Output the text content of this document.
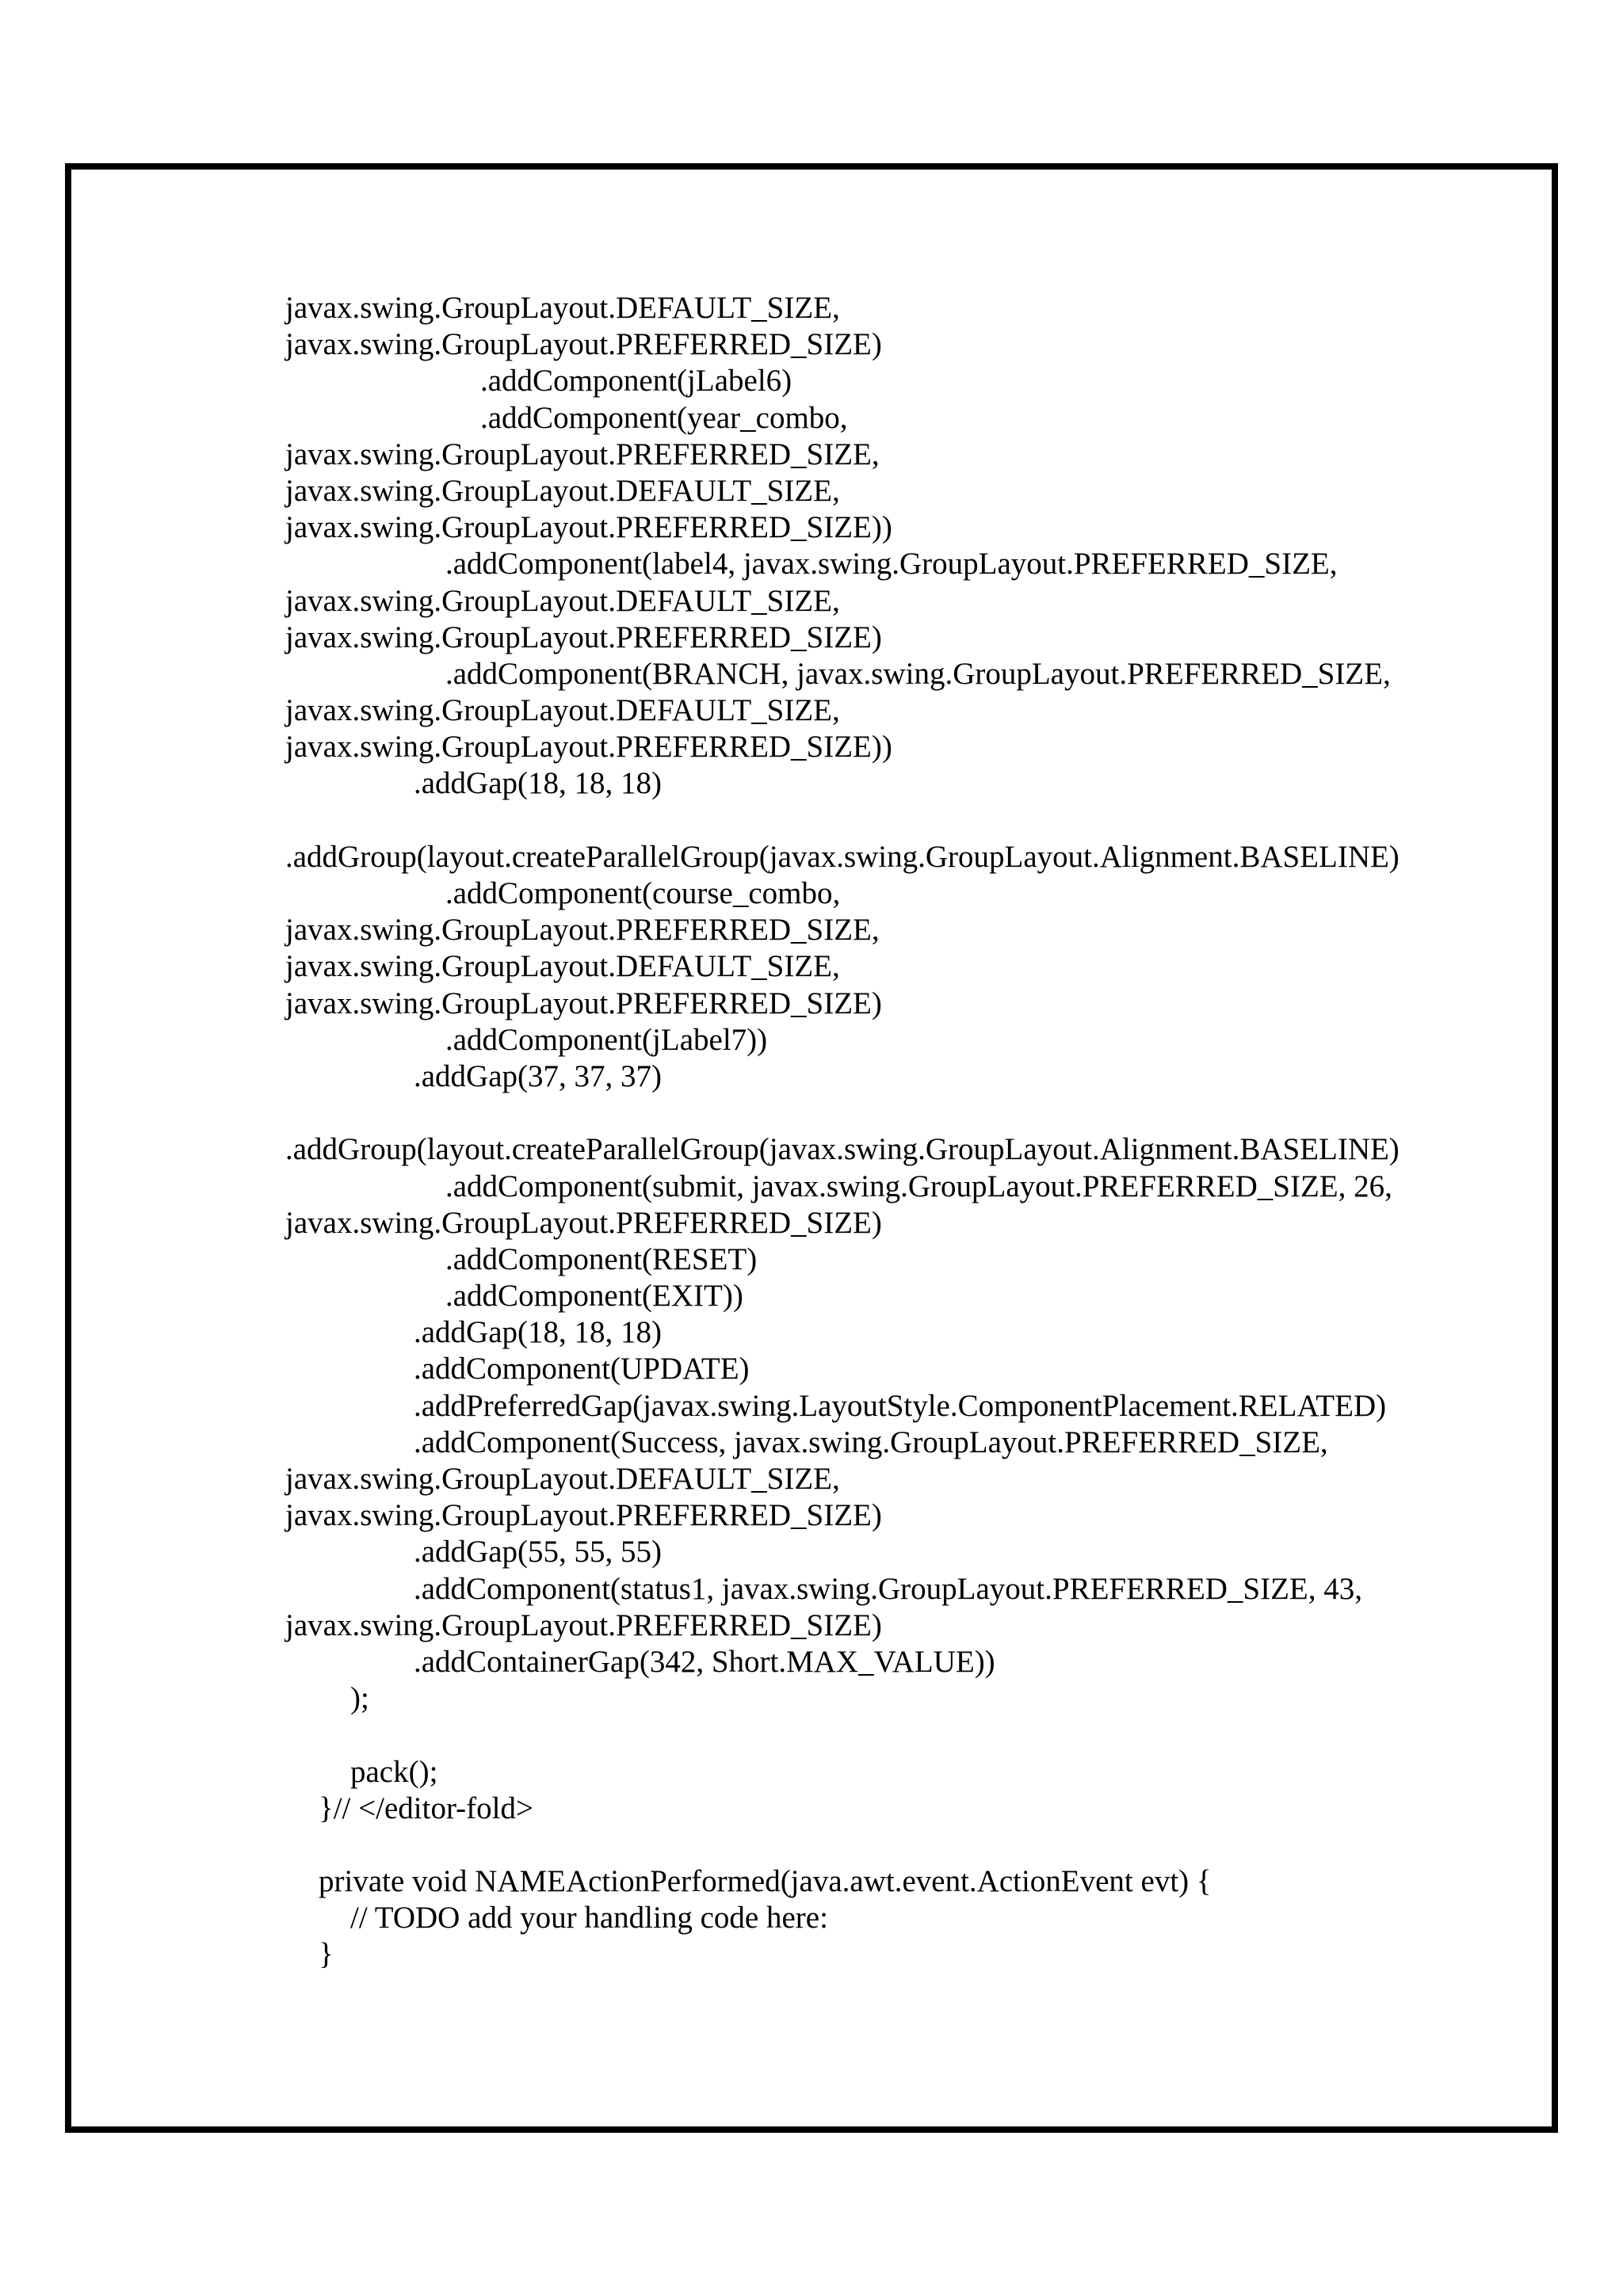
javax.swing.GroupLayout.DEFAULT_SIZE,
javax.swing.GroupLayout.PREFERRED_SIZE)
.addComponent(jLabel6)
.addComponent(year_combo,
javax.swing.GroupLayout.PREFERRED_SIZE,
javax.swing.GroupLayout.DEFAULT_SIZE,
javax.swing.GroupLayout.PREFERRED_SIZE))
.addComponent(label4, javax.swing.GroupLayout.PREFERRED_SIZE,
javax.swing.GroupLayout.DEFAULT_SIZE,
javax.swing.GroupLayout.PREFERRED_SIZE)
.addComponent(BRANCH, javax.swing.GroupLayout.PREFERRED_SIZE,
javax.swing.GroupLayout.DEFAULT_SIZE,
javax.swing.GroupLayout.PREFERRED_SIZE))
.addGap(18, 18, 18)
.addGroup(layout.createParallelGroup(javax.swing.GroupLayout.Alignment.BASELINE)
.addComponent(course_combo,
javax.swing.GroupLayout.PREFERRED_SIZE,
javax.swing.GroupLayout.DEFAULT_SIZE,
javax.swing.GroupLayout.PREFERRED_SIZE)
.addComponent(jLabel7))
.addGap(37, 37, 37)
.addGroup(layout.createParallelGroup(javax.swing.GroupLayout.Alignment.BASELINE)
.addComponent(submit, javax.swing.GroupLayout.PREFERRED_SIZE, 26,
javax.swing.GroupLayout.PREFERRED_SIZE)
.addComponent(RESET)
.addComponent(EXIT))
.addGap(18, 18, 18)
.addComponent(UPDATE)
.addPreferredGap(javax.swing.LayoutStyle.ComponentPlacement.RELATED)
.addComponent(Success, javax.swing.GroupLayout.PREFERRED_SIZE,
javax.swing.GroupLayout.DEFAULT_SIZE,
javax.swing.GroupLayout.PREFERRED_SIZE)
.addGap(55, 55, 55)
.addComponent(status1, javax.swing.GroupLayout.PREFERRED_SIZE, 43,
javax.swing.GroupLayout.PREFERRED_SIZE)
.addContainerGap(342, Short.MAX_VALUE))
);
pack();
}// </editor-fold>
private void NAMEActionPerformed(java.awt.event.ActionEvent evt) {
// TODO add your handling code here:
}
